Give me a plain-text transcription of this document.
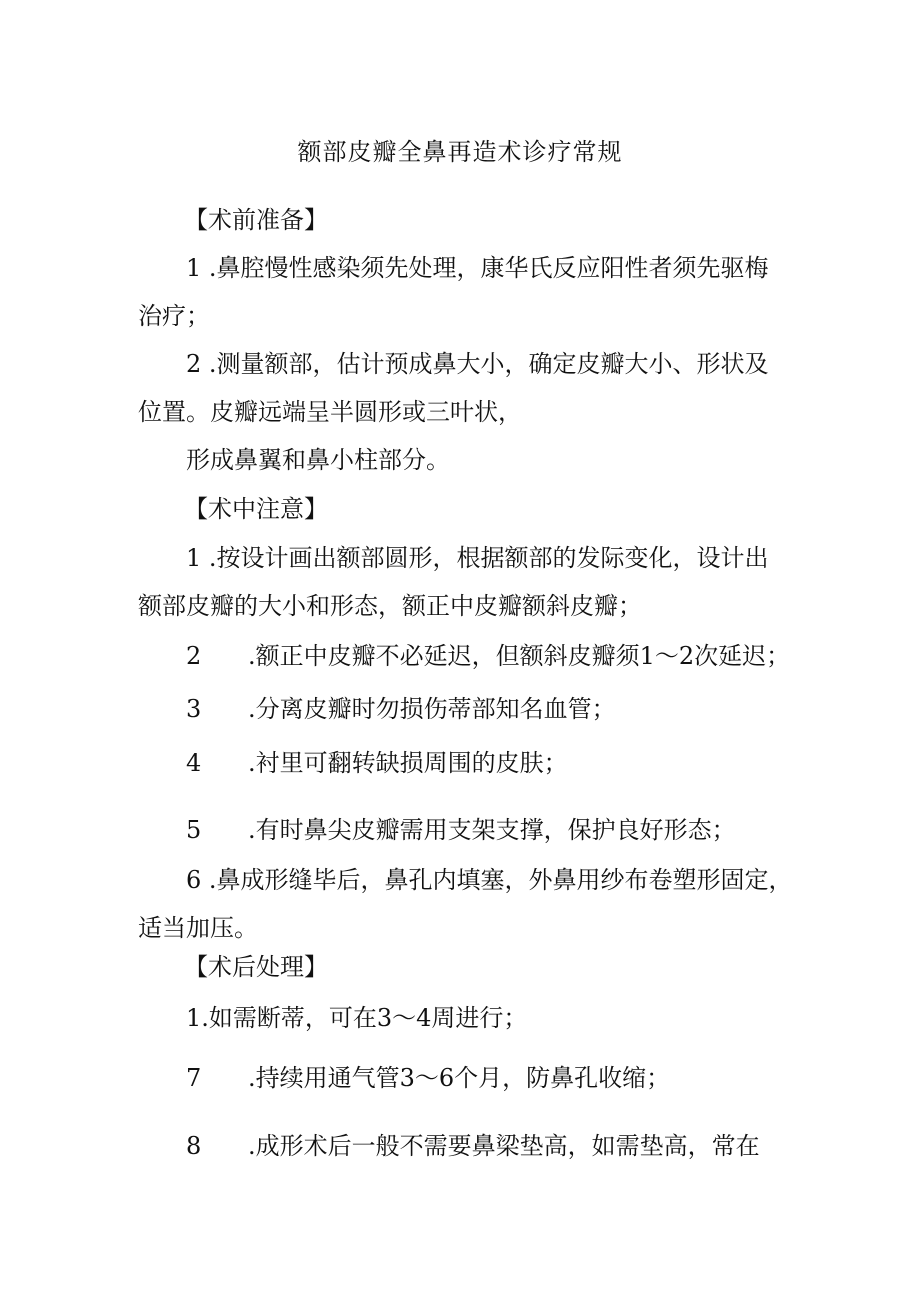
额部皮瓣全鼻再造术诊疗常规
【术前准备】
1 .鼻腔慢性感染须先处理，康华氏反应阳性者须先驱梅
治疗；
2 .测量额部，估计预成鼻大小，确定皮瓣大小、形状及
位置。皮瓣远端呈半圆形或三叶状，
形成鼻翼和鼻小柱部分。
【术中注意】
1 .按设计画出额部圆形，根据额部的发际变化，设计出
额部皮瓣的大小和形态，额正中皮瓣额斜皮瓣；
2 .额正中皮瓣不必延迟，但额斜皮瓣须1～2次延迟；
3 .分离皮瓣时勿损伤蒂部知名血管；
4 .衬里可翻转缺损周围的皮肤；
5 .有时鼻尖皮瓣需用支架支撑，保护良好形态；
6 .鼻成形缝毕后，鼻孔内填塞，外鼻用纱布卷塑形固定，
适当加压。
【术后处理】
1.如需断蒂，可在3～4周进行；
7 .持续用通气管3～6个月，防鼻孔收缩；
8 .成形术后一般不需要鼻梁垫高，如需垫高，常在
